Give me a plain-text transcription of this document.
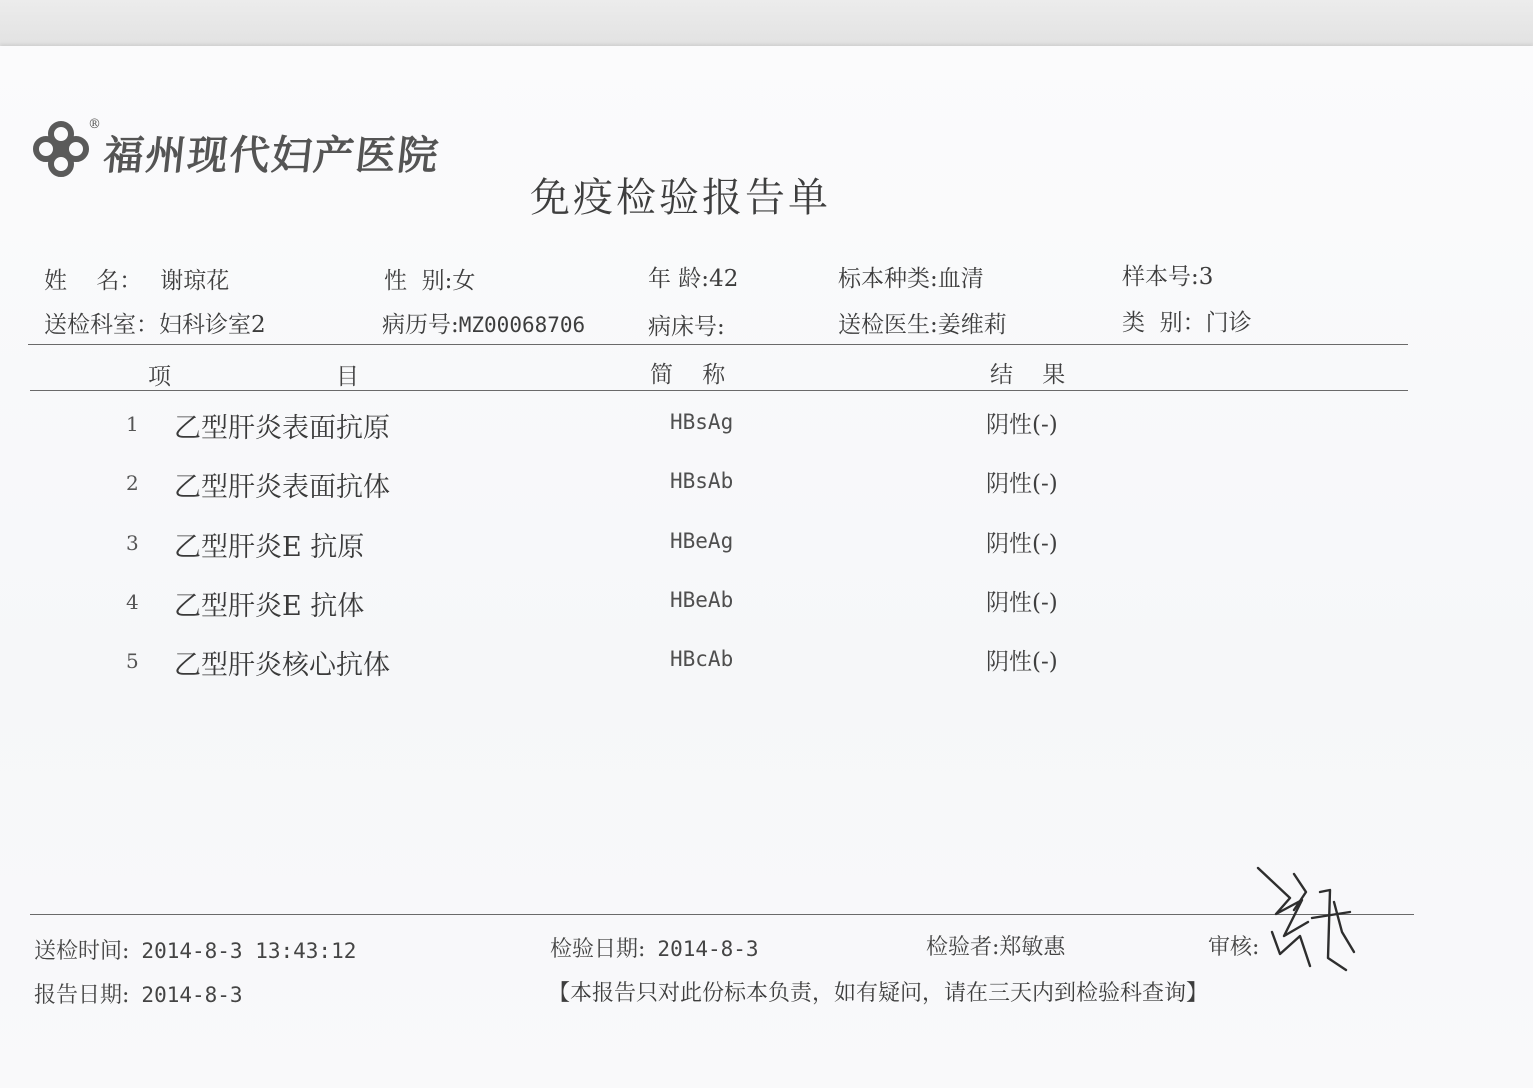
®
福州现代妇产医院
免疫检验报告单
姓    名： 谢琼花	性  别:女	年 龄:42	标本种类:血清	样本号:3
送检科室：妇科诊室2	病历号:MZ00068706	病床号:	送检医生:姜维莉	类  别：门诊
项	目	简    称	结    果
1 乙型肝炎表面抗原	HBsAg	阴性(-)
2 乙型肝炎表面抗体	HBsAb	阴性(-)
3 乙型肝炎E 抗原	HBeAg	阴性(-)
4 乙型肝炎E 抗体	HBeAb	阴性(-)
5 乙型肝炎核心抗体	HBcAb	阴性(-)
送检时间: 2014-8-3 13:43:12	检验日期: 2014-8-3	检验者:郑敏惠	审核:
报告日期: 2014-8-3	【本报告只对此份标本负责，如有疑问，请在三天内到检验科查询】
